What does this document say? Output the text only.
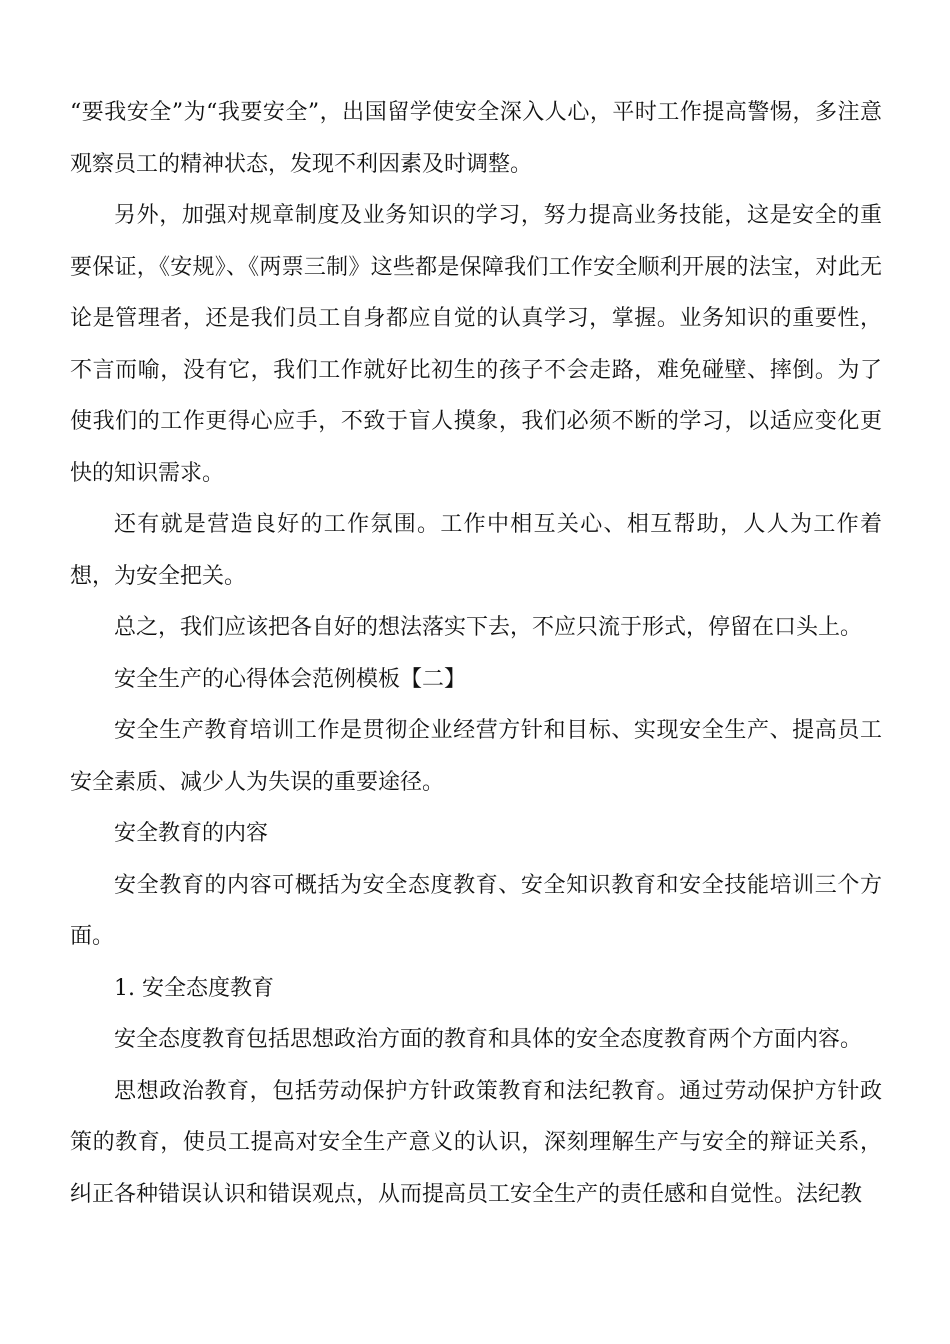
“要我安全”为“我要安全”，出国留学使安全深入人心，平时工作提高警惕，多注意观察员工的精神状态，发现不利因素及时调整。

另外，加强对规章制度及业务知识的学习，努力提高业务技能，这是安全的重要保证，《安规》、《两票三制》这些都是保障我们工作安全顺利开展的法宝，对此无论是管理者，还是我们员工自身都应自觉的认真学习，掌握。业务知识的重要性，不言而喻，没有它，我们工作就好比初生的孩子不会走路，难免碰壁、摔倒。为了使我们的工作更得心应手，不致于盲人摸象，我们必须不断的学习，以适应变化更快的知识需求。

还有就是营造良好的工作氛围。工作中相互关心、相互帮助，人人为工作着想，为安全把关。

总之，我们应该把各自好的想法落实下去，不应只流于形式，停留在口头上。

安全生产的心得体会范例模板【二】

安全生产教育培训工作是贯彻企业经营方针和目标、实现安全生产、提高员工安全素质、减少人为失误的重要途径。

安全教育的内容

安全教育的内容可概括为安全态度教育、安全知识教育和安全技能培训三个方面。

1. 安全态度教育

安全态度教育包括思想政治方面的教育和具体的安全态度教育两个方面内容。

思想政治教育，包括劳动保护方针政策教育和法纪教育。通过劳动保护方针政策的教育，使员工提高对安全生产意义的认识，深刻理解生产与安全的辩证关系，纠正各种错误认识和错误观点，从而提高员工安全生产的责任感和自觉性。法纪教
